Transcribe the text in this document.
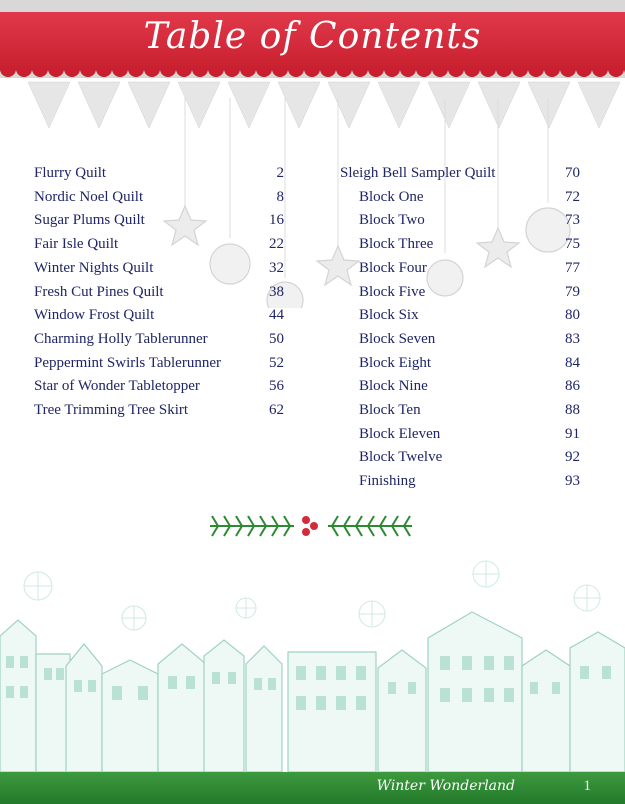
Table of Contents
Flurry Quilt	2
Nordic Noel Quilt	8
Sugar Plums Quilt	16
Fair Isle Quilt	22
Winter Nights Quilt	32
Fresh Cut Pines Quilt	38
Window Frost Quilt	44
Charming Holly Tablerunner	50
Peppermint Swirls Tablerunner	52
Star of Wonder Tabletopper	56
Tree Trimming Tree Skirt	62
Sleigh Bell Sampler Quilt	70
Block One	72
Block Two	73
Block Three	75
Block Four	77
Block Five	79
Block Six	80
Block Seven	83
Block Eight	84
Block Nine	86
Block Ten	88
Block Eleven	91
Block Twelve	92
Finishing	93
Winter Wonderland	1
